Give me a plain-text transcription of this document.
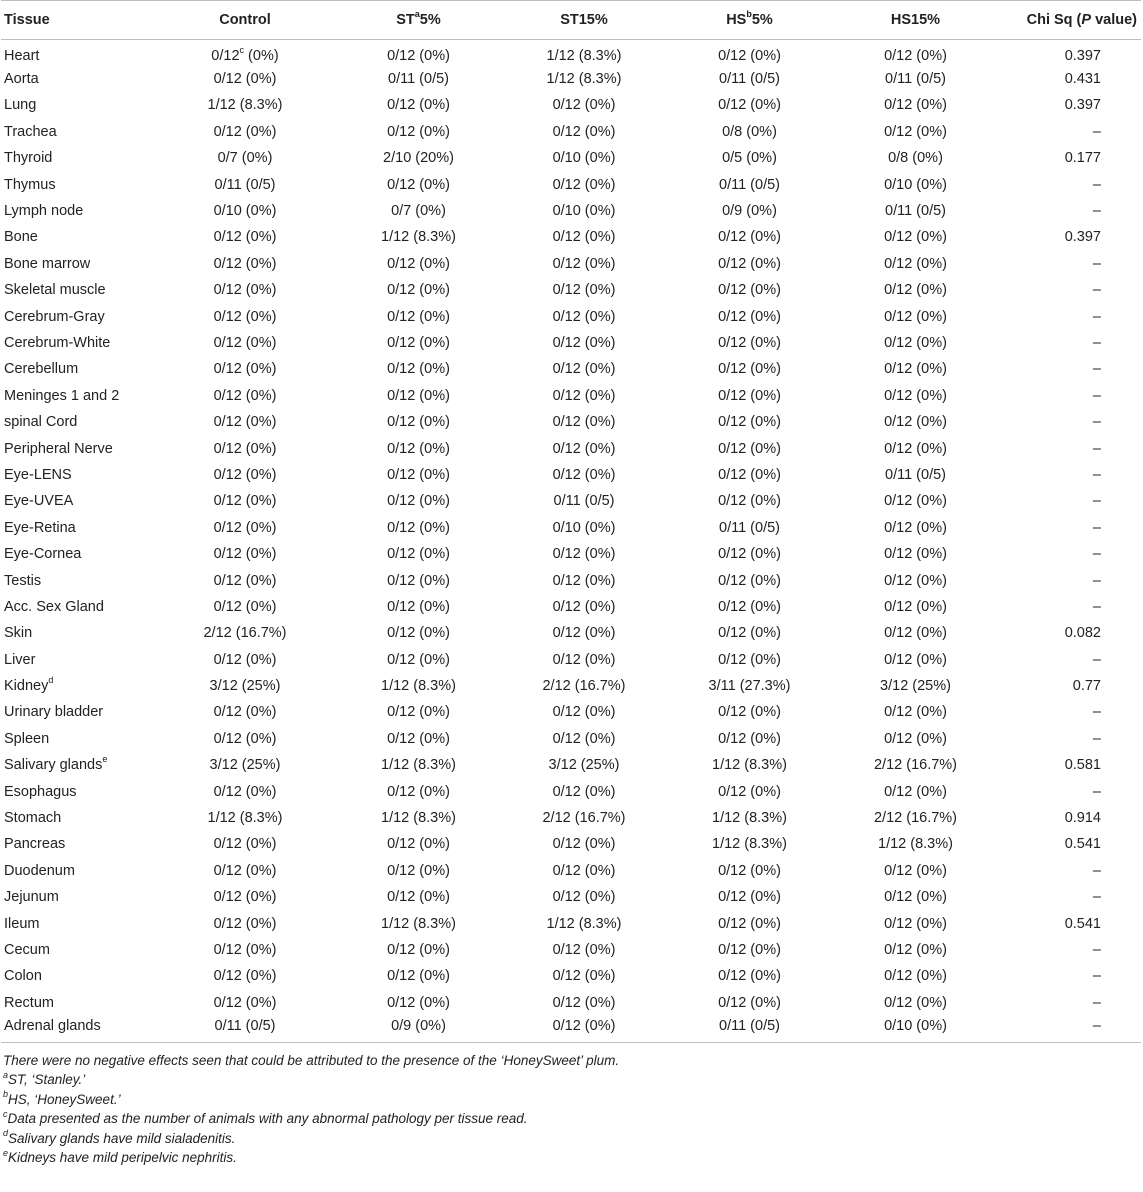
Tissue	Control	$ST^a5\%$	ST15%	$HS^b5\%$	HS15%	Chi Sq (P value)
Heart	0/12$^c$ (0%)	0/12 (0%)	1/12 (8.3%)	0/12 (0%)	0/12 (0%)	0.397
Aorta	0/12 (0%)	0/11 (0/5)	1/12 (8.3%)	0/11 (0/5)	0/11 (0/5)	0.431
Lung	1/12 (8.3%)	0/12 (0%)	0/12 (0%)	0/12 (0%)	0/12 (0%)	0.397
Trachea	0/12 (0%)	0/12 (0%)	0/12 (0%)	0/8 (0%)	0/12 (0%)	–
Thyroid	0/7 (0%)	2/10 (20%)	0/10 (0%)	0/5 (0%)	0/8 (0%)	0.177
Thymus	0/11 (0/5)	0/12 (0%)	0/12 (0%)	0/11 (0/5)	0/10 (0%)	–
Lymph node	0/10 (0%)	0/7 (0%)	0/10 (0%)	0/9 (0%)	0/11 (0/5)	–
Bone	0/12 (0%)	1/12 (8.3%)	0/12 (0%)	0/12 (0%)	0/12 (0%)	0.397
Bone marrow	0/12 (0%)	0/12 (0%)	0/12 (0%)	0/12 (0%)	0/12 (0%)	–
Skeletal muscle	0/12 (0%)	0/12 (0%)	0/12 (0%)	0/12 (0%)	0/12 (0%)	–
Cerebrum-Gray	0/12 (0%)	0/12 (0%)	0/12 (0%)	0/12 (0%)	0/12 (0%)	–
Cerebrum-White	0/12 (0%)	0/12 (0%)	0/12 (0%)	0/12 (0%)	0/12 (0%)	–
Cerebellum	0/12 (0%)	0/12 (0%)	0/12 (0%)	0/12 (0%)	0/12 (0%)	–
Meninges 1 and 2	0/12 (0%)	0/12 (0%)	0/12 (0%)	0/12 (0%)	0/12 (0%)	–
spinal Cord	0/12 (0%)	0/12 (0%)	0/12 (0%)	0/12 (0%)	0/12 (0%)	–
Peripheral Nerve	0/12 (0%)	0/12 (0%)	0/12 (0%)	0/12 (0%)	0/12 (0%)	–
Eye-LENS	0/12 (0%)	0/12 (0%)	0/12 (0%)	0/12 (0%)	0/11 (0/5)	–
Eye-UVEA	0/12 (0%)	0/12 (0%)	0/11 (0/5)	0/12 (0%)	0/12 (0%)	–
Eye-Retina	0/12 (0%)	0/12 (0%)	0/10 (0%)	0/11 (0/5)	0/12 (0%)	–
Eye-Cornea	0/12 (0%)	0/12 (0%)	0/12 (0%)	0/12 (0%)	0/12 (0%)	–
Testis	0/12 (0%)	0/12 (0%)	0/12 (0%)	0/12 (0%)	0/12 (0%)	–
Acc. Sex Gland	0/12 (0%)	0/12 (0%)	0/12 (0%)	0/12 (0%)	0/12 (0%)	–
Skin	2/12 (16.7%)	0/12 (0%)	0/12 (0%)	0/12 (0%)	0/12 (0%)	0.082
Liver	0/12 (0%)	0/12 (0%)	0/12 (0%)	0/12 (0%)	0/12 (0%)	–
Kidney$^d$	3/12 (25%)	1/12 (8.3%)	2/12 (16.7%)	3/11 (27.3%)	3/12 (25%)	0.77
Urinary bladder	0/12 (0%)	0/12 (0%)	0/12 (0%)	0/12 (0%)	0/12 (0%)	–
Spleen	0/12 (0%)	0/12 (0%)	0/12 (0%)	0/12 (0%)	0/12 (0%)	–
Salivary glands$^e$	3/12 (25%)	1/12 (8.3%)	3/12 (25%)	1/12 (8.3%)	2/12 (16.7%)	0.581
Esophagus	0/12 (0%)	0/12 (0%)	0/12 (0%)	0/12 (0%)	0/12 (0%)	–
Stomach	1/12 (8.3%)	1/12 (8.3%)	2/12 (16.7%)	1/12 (8.3%)	2/12 (16.7%)	0.914
Pancreas	0/12 (0%)	0/12 (0%)	0/12 (0%)	1/12 (8.3%)	1/12 (8.3%)	0.541
Duodenum	0/12 (0%)	0/12 (0%)	0/12 (0%)	0/12 (0%)	0/12 (0%)	–
Jejunum	0/12 (0%)	0/12 (0%)	0/12 (0%)	0/12 (0%)	0/12 (0%)	–
Ileum	0/12 (0%)	1/12 (8.3%)	1/12 (8.3%)	0/12 (0%)	0/12 (0%)	0.541
Cecum	0/12 (0%)	0/12 (0%)	0/12 (0%)	0/12 (0%)	0/12 (0%)	–
Colon	0/12 (0%)	0/12 (0%)	0/12 (0%)	0/12 (0%)	0/12 (0%)	–
Rectum	0/12 (0%)	0/12 (0%)	0/12 (0%)	0/12 (0%)	0/12 (0%)	–
Adrenal glands	0/11 (0/5)	0/9 (0%)	0/12 (0%)	0/11 (0/5)	0/10 (0%)	–
There were no negative effects seen that could be attributed to the presence of the ‘HoneySweet’ plum.
$^a$ST, ‘Stanley.’
$^b$HS, ‘HoneySweet.’
$^c$Data presented as the number of animals with any abnormal pathology per tissue read.
$^d$Salivary glands have mild sialadenitis.
$^e$Kidneys have mild peripelvic nephritis.
